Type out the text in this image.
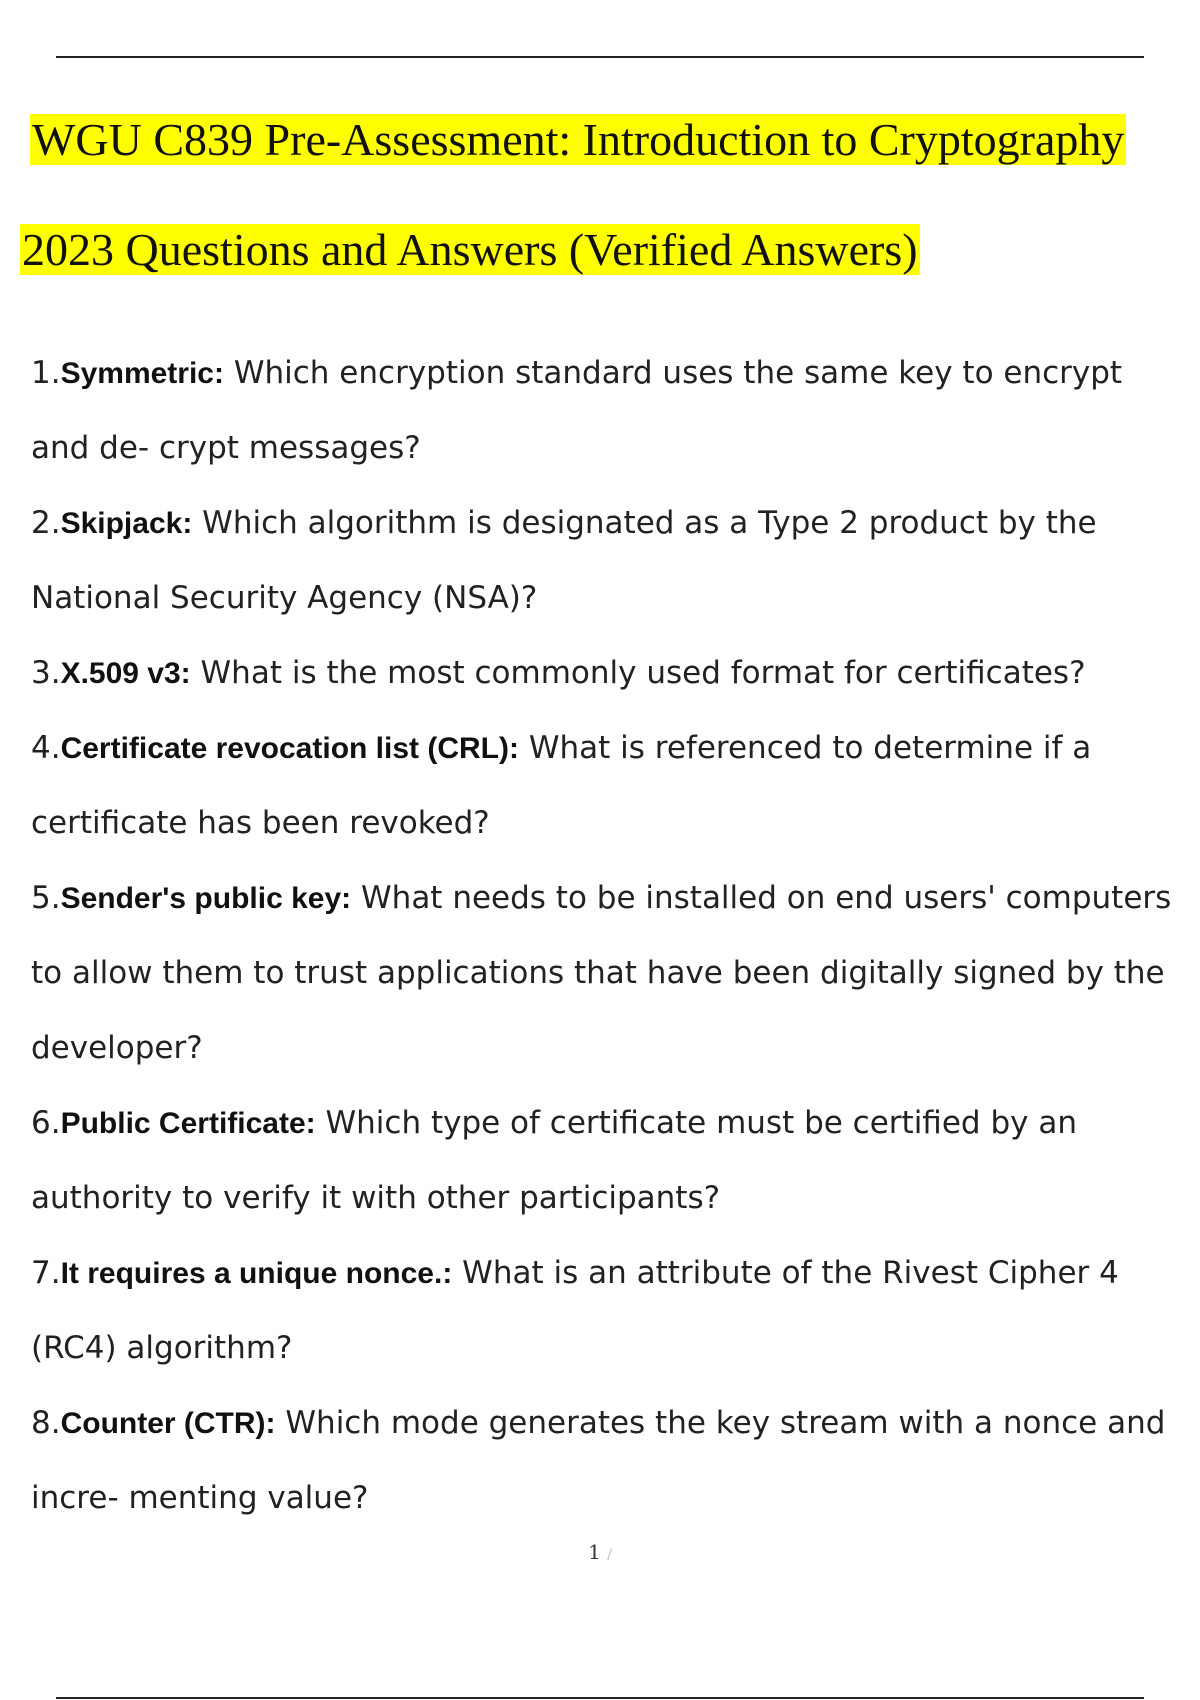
WGU C839 Pre-Assessment: Introduction to Cryptography
2023 Questions and Answers (Verified Answers)
1.Symmetric: Which encryption standard uses the same key to encrypt and de- crypt messages?
2.Skipjack: Which algorithm is designated as a Type 2 product by the National Security Agency (NSA)?
3.X.509 v3: What is the most commonly used format for certificates?
4.Certificate revocation list (CRL): What is referenced to determine if a certificate has been revoked?
5.Sender's public key: What needs to be installed on end users' computers to allow them to trust applications that have been digitally signed by the developer?
6.Public Certificate: Which type of certificate must be certified by an authority to verify it with other participants?
7.It requires a unique nonce.: What is an attribute of the Rivest Cipher 4 (RC4) algorithm?
8.Counter (CTR): Which mode generates the key stream with a nonce and incre- menting value?
1 /
